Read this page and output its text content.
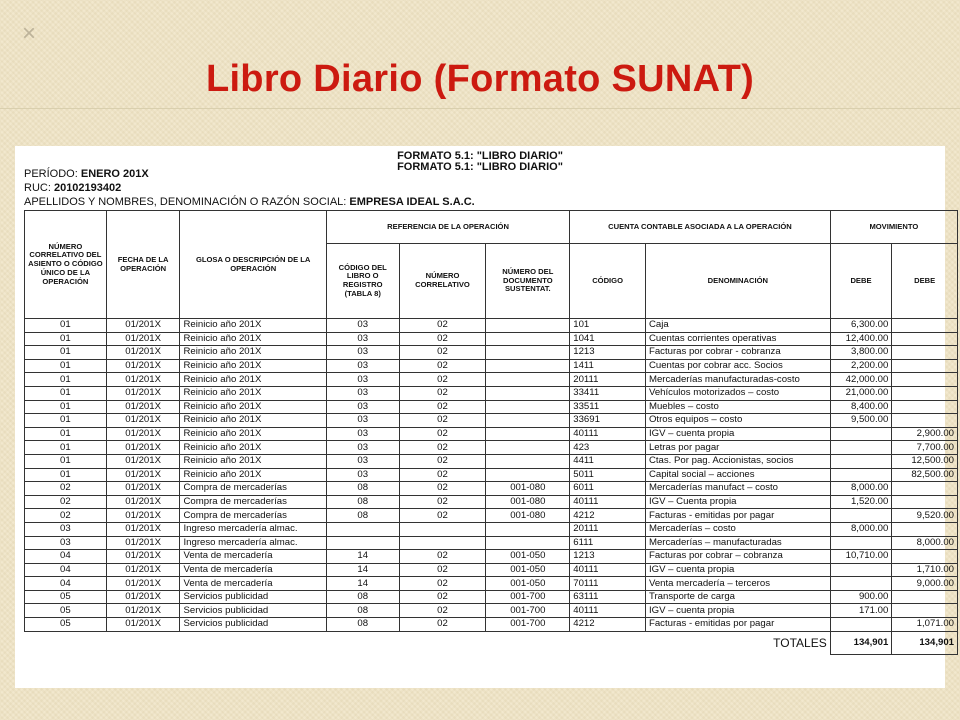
×
Libro Diario (Formato SUNAT)
FORMATO 5.1: "LIBRO DIARIO"
FORMATO 5.1: "LIBRO DIARIO"
PERÍODO: ENERO 201X
RUC: 20102193402
APELLIDOS Y NOMBRES, DENOMINACIÓN O RAZÓN SOCIAL: EMPRESA IDEAL S.A.C.
NÚMERO CORRELATIVO DEL ASIENTO O CÓDIGO ÚNICO DE LA OPERACIÓN	FECHA DE LA OPERACIÓN	GLOSA O DESCRIPCIÓN DE LA OPERACIÓN	REFERENCIA DE LA OPERACIÓN			CUENTA CONTABLE ASOCIADA A LA OPERACIÓN		MOVIMIENTO	
			CÓDIGO DEL LIBRO O REGISTRO (TABLA 8)	NÚMERO CORRELATIVO	NÚMERO DEL DOCUMENTO SUSTENTAT.	CÓDIGO	DENOMINACIÓN	DEBE	DEBE
01	01/201X	Reinicio año 201X	03	02		101	Caja	6,300.00	
01	01/201X	Reinicio año 201X	03	02		1041	Cuentas corrientes operativas	12,400.00	
01	01/201X	Reinicio año 201X	03	02		1213	Facturas por cobrar - cobranza	3,800.00	
01	01/201X	Reinicio año 201X	03	02		1411	Cuentas por cobrar acc. Socios	2,200.00	
01	01/201X	Reinicio año 201X	03	02		20111	Mercaderías manufacturadas-costo	42,000.00	
01	01/201X	Reinicio año 201X	03	02		33411	Vehículos motorizados – costo	21,000.00	
01	01/201X	Reinicio año 201X	03	02		33511	Muebles – costo	8,400.00	
01	01/201X	Reinicio año 201X	03	02		33691	Otros equipos – costo	9,500.00	
01	01/201X	Reinicio año 201X	03	02		40111	IGV – cuenta propia		2,900.00
01	01/201X	Reinicio año 201X	03	02		423	Letras por pagar		7,700.00
01	01/201X	Reinicio año 201X	03	02		4411	Ctas. Por pag. Accionistas, socios		12,500.00
01	01/201X	Reinicio año 201X	03	02		5011	Capital social – acciones		82,500.00
02	01/201X	Compra de mercaderías	08	02	001-080	6011	Mercaderías manufact – costo	8,000.00	
02	01/201X	Compra de mercaderías	08	02	001-080	40111	IGV – Cuenta propia	1,520.00	
02	01/201X	Compra de mercaderías	08	02	001-080	4212	Facturas - emitidas por pagar		9,520.00
03	01/201X	Ingreso mercadería almac.				20111	Mercaderías – costo	8,000.00	
03	01/201X	Ingreso mercadería almac.				6111	Mercaderías – manufacturadas		8,000.00
04	01/201X	Venta de mercadería	14	02	001-050	1213	Facturas por cobrar – cobranza	10,710.00	
04	01/201X	Venta de mercadería	14	02	001-050	40111	IGV – cuenta propia		1,710.00
04	01/201X	Venta de mercadería	14	02	001-050	70111	Venta mercadería – terceros		9,000.00
05	01/201X	Servicios publicidad	08	02	001-700	63111	Transporte de carga	900.00	
05	01/201X	Servicios publicidad	08	02	001-700	40111	IGV – cuenta propia	171.00	
05	01/201X	Servicios publicidad	08	02	001-700	4212	Facturas - emitidas por pagar		1,071.00
							TOTALES	134,901	134,901
